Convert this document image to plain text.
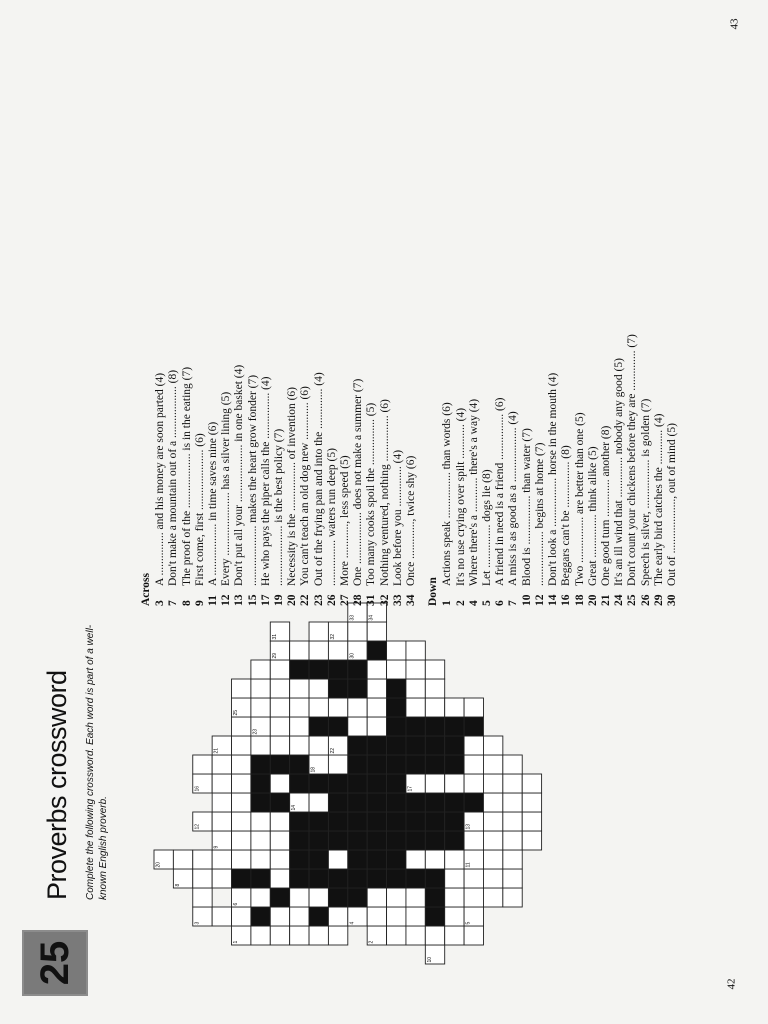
43
42
25
Proverbs crossword Complete the following crossword. Each word is part of a well-known English proverb.
10
1	2
3	4	5
6
8
20	11
9
12	13
14
16	17
18
21	22
23
25
29	30
31	32
33	34
Across 3
A ............... and his money are soon parted (4)
7
Don't make a mountain out of a .................. (8)
8
The proof of the ................... is in the eating (7)
9
First come, first ..................... (6)
11
A .................. in time saves nine (6)
12
Every ...................... has a silver lining (5)
13
Don't put all your .................... in one basket (4)
15
..................... makes the heart grow fonder (7)
17
He who pays the piper calls the ................ (4)
19
..................... is the best policy (7)
20
Necessity is the ................. of invention (6)
22
You can't teach an old dog new ............. (6)
23
Out of the frying pan and into the .............. (4)
26
................ waters run deep (5)
27
More ............, less speed (5)
28
One .................. does not make a summer (7)
31
Too many cooks spoil the ................ (5)
32
Nothing ventured, nothing ................ (6)
33
Look before you .............. (4)
34
Once ............., twice shy (6)
Down 1
Actions speak ................ than words (6)
2
It's no use crying over spilt ............ (4)
4
Where there's a ............ there's a way (4)
5
Let ............... dogs lie (8)
6
A friend in need is a friend ................ (6)
7
A miss is as good as a ................... (4)
10
Blood is ................. than water (7)
12
................... begins at home (7)
14
Don't look a ................. horse in the mouth (4)
16
Beggars can't be ................ (8)
18
Two ................ are better than one (5)
20
Great ............... think alike (5)
21
One good turn ............. another (8)
24
It's an ill wind that .............. nobody any good (5)
25
Don't count your chickens before they are .............. (7)
26
Speech is silver, ................. is golden (7)
29
The early bird catches the ............ (4)
30
Out of ..................., out of mind (5)
